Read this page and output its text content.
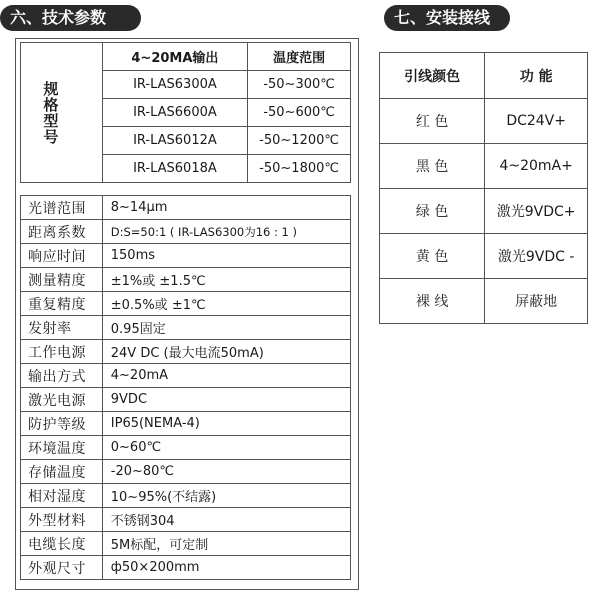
六、技术参数	七、安装接线
规格型号	4~20MA输出	温度范围
	IR-LAS6300A	-50~300℃
	IR-LAS6600A	-50~600℃
	IR-LAS6012A	-50~1200℃
	IR-LAS6018A	-50~1800℃
光谱范围	8~14μm
距离系数	D:S=50:1 ( IR-LAS6300为16 : 1 )
响应时间	150ms
测量精度	±1%或 ±1.5℃
重复精度	±0.5%或 ±1℃
发射率	0.95固定
工作电源	24V DC (最大电流50mA)
输出方式	4~20mA
激光电源	9VDC
防护等级	IP65(NEMA-4)
环境温度	0~60℃
存储温度	-20~80℃
相对湿度	10~95%(不结露)
外型材料	不锈钢304
电缆长度	5M标配，可定制
外观尺寸	ф50×200mm
引线颜色	功 能
红 色	DC24V+
黑 色	4~20mA+
绿 色	激光9VDC+
黄 色	激光9VDC -
裸 线	屏蔽地
